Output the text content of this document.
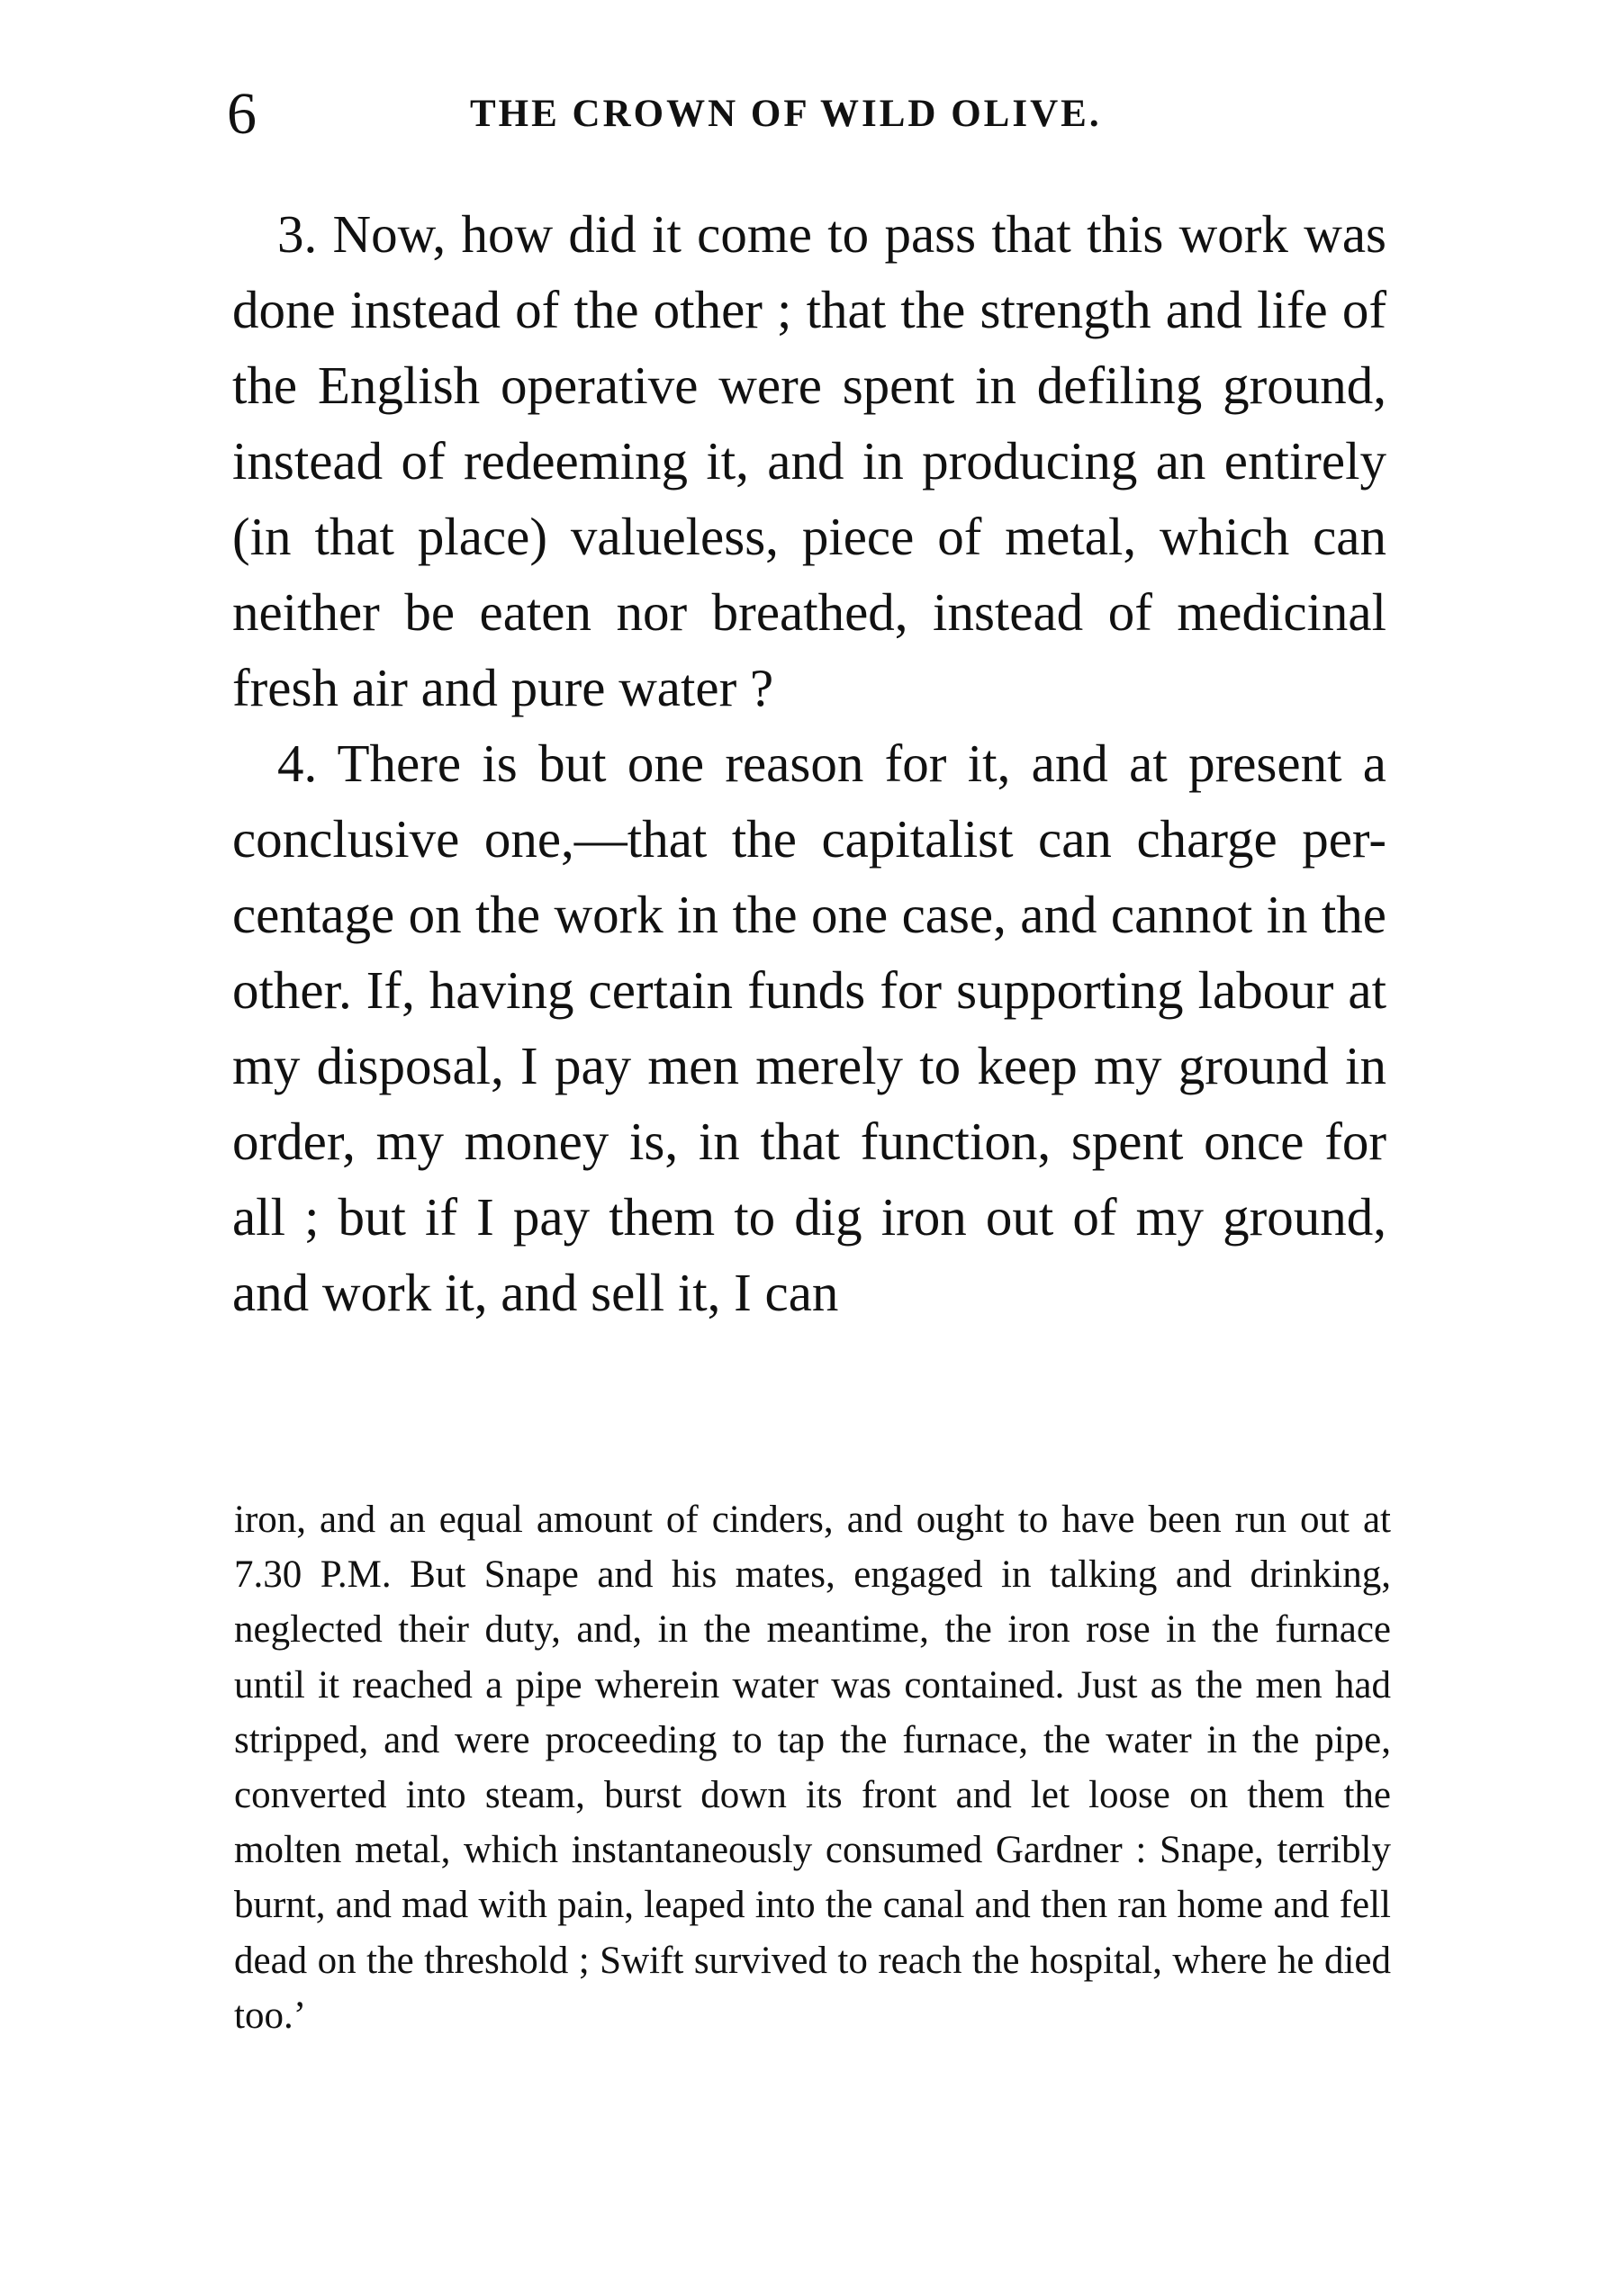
6	THE CROWN OF WILD OLIVE.

3. Now, how did it come to pass that this work was done instead of the other ; that the strength and life of the English operative were spent in defiling ground, instead of redeeming it, and in producing an entirely (in that place) valueless, piece of metal, which can neither be eaten nor breathed, instead of medicinal fresh air and pure water ?

4. There is but one reason for it, and at present a conclusive one,—that the capitalist can charge per-centage on the work in the one case, and cannot in the other. If, having certain funds for supporting labour at my disposal, I pay men merely to keep my ground in order, my money is, in that function, spent once for all ; but if I pay them to dig iron out of my ground, and work it, and sell it, I can

iron, and an equal amount of cinders, and ought to have been run out at 7.30 P.M. But Snape and his mates, engaged in talking and drinking, neglected their duty, and, in the meantime, the iron rose in the furnace until it reached a pipe wherein water was contained. Just as the men had stripped, and were proceeding to tap the furnace, the water in the pipe, converted into steam, burst down its front and let loose on them the molten metal, which instantaneously consumed Gardner : Snape, terribly burnt, and mad with pain, leaped into the canal and then ran home and fell dead on the threshold ; Swift survived to reach the hospital, where he died too.’
